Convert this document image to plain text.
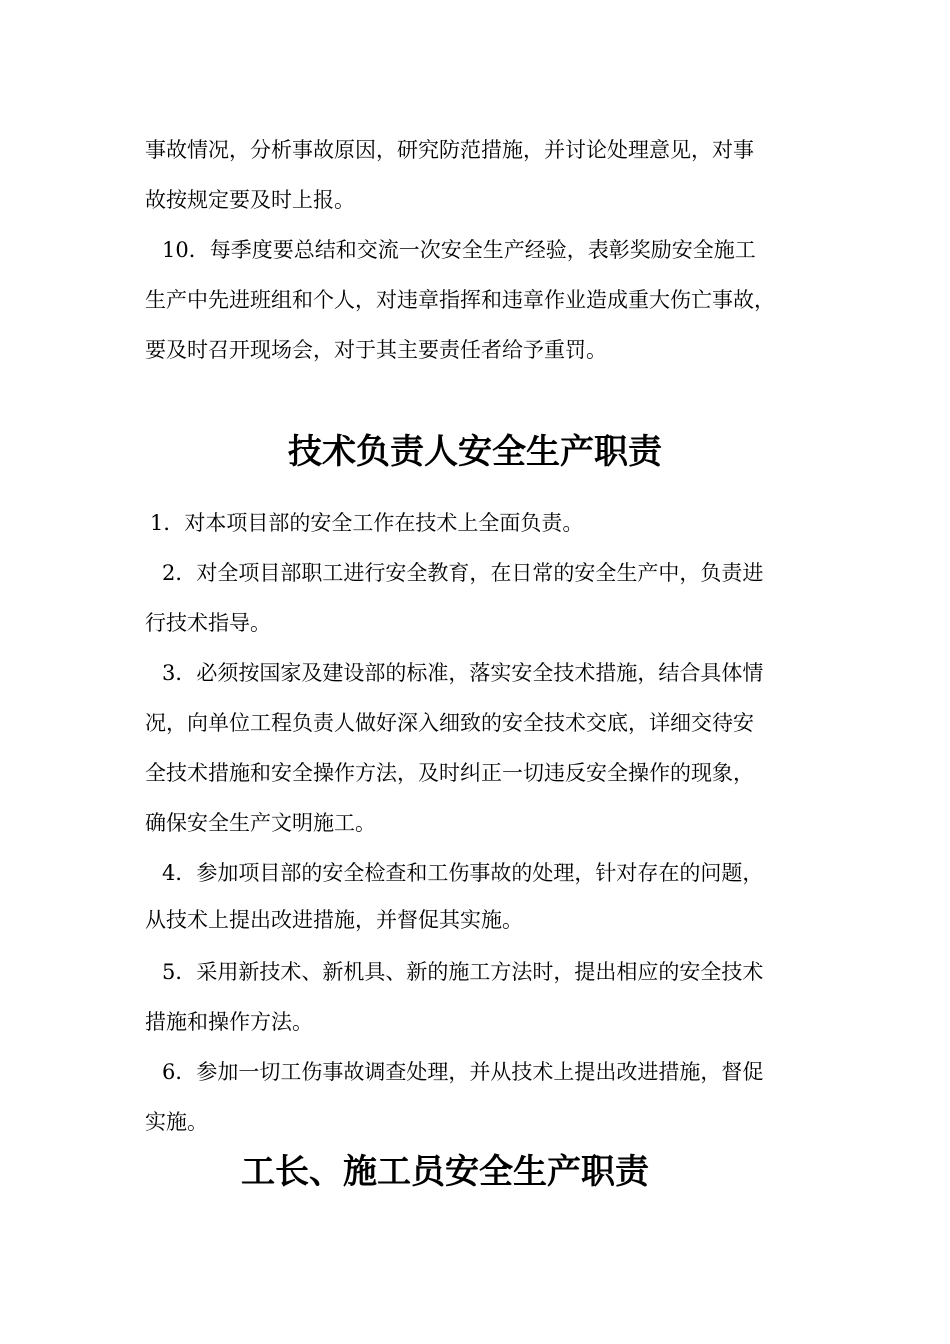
事故情况，分析事故原因，研究防范措施，并讨论处理意见，对事
故按规定要及时上报。
10．每季度要总结和交流一次安全生产经验，表彰奖励安全施工
生产中先进班组和个人，对违章指挥和违章作业造成重大伤亡事故，
要及时召开现场会，对于其主要责任者给予重罚。
技术负责人安全生产职责
1．对本项目部的安全工作在技术上全面负责。
2．对全项目部职工进行安全教育，在日常的安全生产中，负责进
行技术指导。
3．必须按国家及建设部的标准，落实安全技术措施，结合具体情
况，向单位工程负责人做好深入细致的安全技术交底，详细交待安
全技术措施和安全操作方法，及时纠正一切违反安全操作的现象，
确保安全生产文明施工。
4．参加项目部的安全检查和工伤事故的处理，针对存在的问题，
从技术上提出改进措施，并督促其实施。
5．采用新技术、新机具、新的施工方法时，提出相应的安全技术
措施和操作方法。
6．参加一切工伤事故调查处理，并从技术上提出改进措施，督促
实施。
工长、施工员安全生产职责
